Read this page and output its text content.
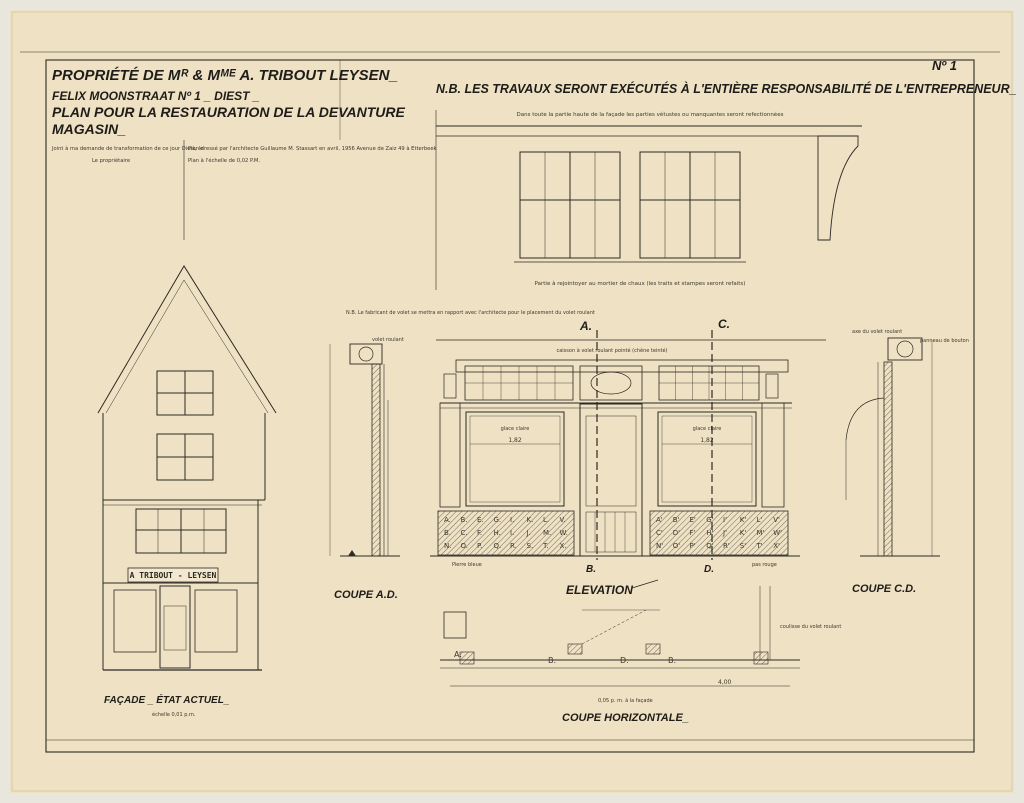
PROPRIÉTÉ DE Mᴿ & Mᴹᴱ A. TRIBOUT LEYSEN_
FELIX MOONSTRAAT Nº 1 _ DIEST _
PLAN POUR LA RESTAURATION DE LA DEVANTURE
MAGASIN_
Joint à ma demande de transformation de ce jour Diest, le
Le propriétaire
Plan dressé par l'architecte Guillaume M. Stassart en avril, 1956 Avenue de Zaiz 49 à Etterbeek
Plan à l'échelle de 0,02 P.M.
Nº 1
N.B. LES TRAVAUX SERONT EXÉCUTÉS À L'ENTIÈRE RESPONSABILITÉ DE L'ENTREPRENEUR_
A TRIBOUT - LEYSEN
FAÇADE _ ÉTAT ACTUEL_
échelle 0,01 p.m.
Dans toute la partie haute de la façade les parties vétustes ou manquantes seront refectionnées
Partie à rejointoyer au mortier de chaux (les traits et stampes seront refaits)
caisson à volet roulant pointé (chêne teinté)
glace claire	glace claire
1,82	1,82
A. B. E. G. I. K. L. V.
B. C. F. H. I. J. M. W.
N. O. P. Q. R. S. T. X.
A' B' E' G' I' K' L' V'
C' D' F' H' J' K' M' W'
N' O' P' Q' R' S' T' X'
Pierre bleue	pas rouge
A.	C.
B.	D.
ELEVATION
N.B. Le fabricant de volet se mettra en rapport avec l'architecte pour le placement du volet roulant
volet roulant
COUPE A.D.
axe du volet roulant
panneau de bouton
COUPE C.D.
A.
B.	B.
D.
4,00
coulisse du volet roulant
0,05 p. m. à la façade
COUPE HORIZONTALE_
